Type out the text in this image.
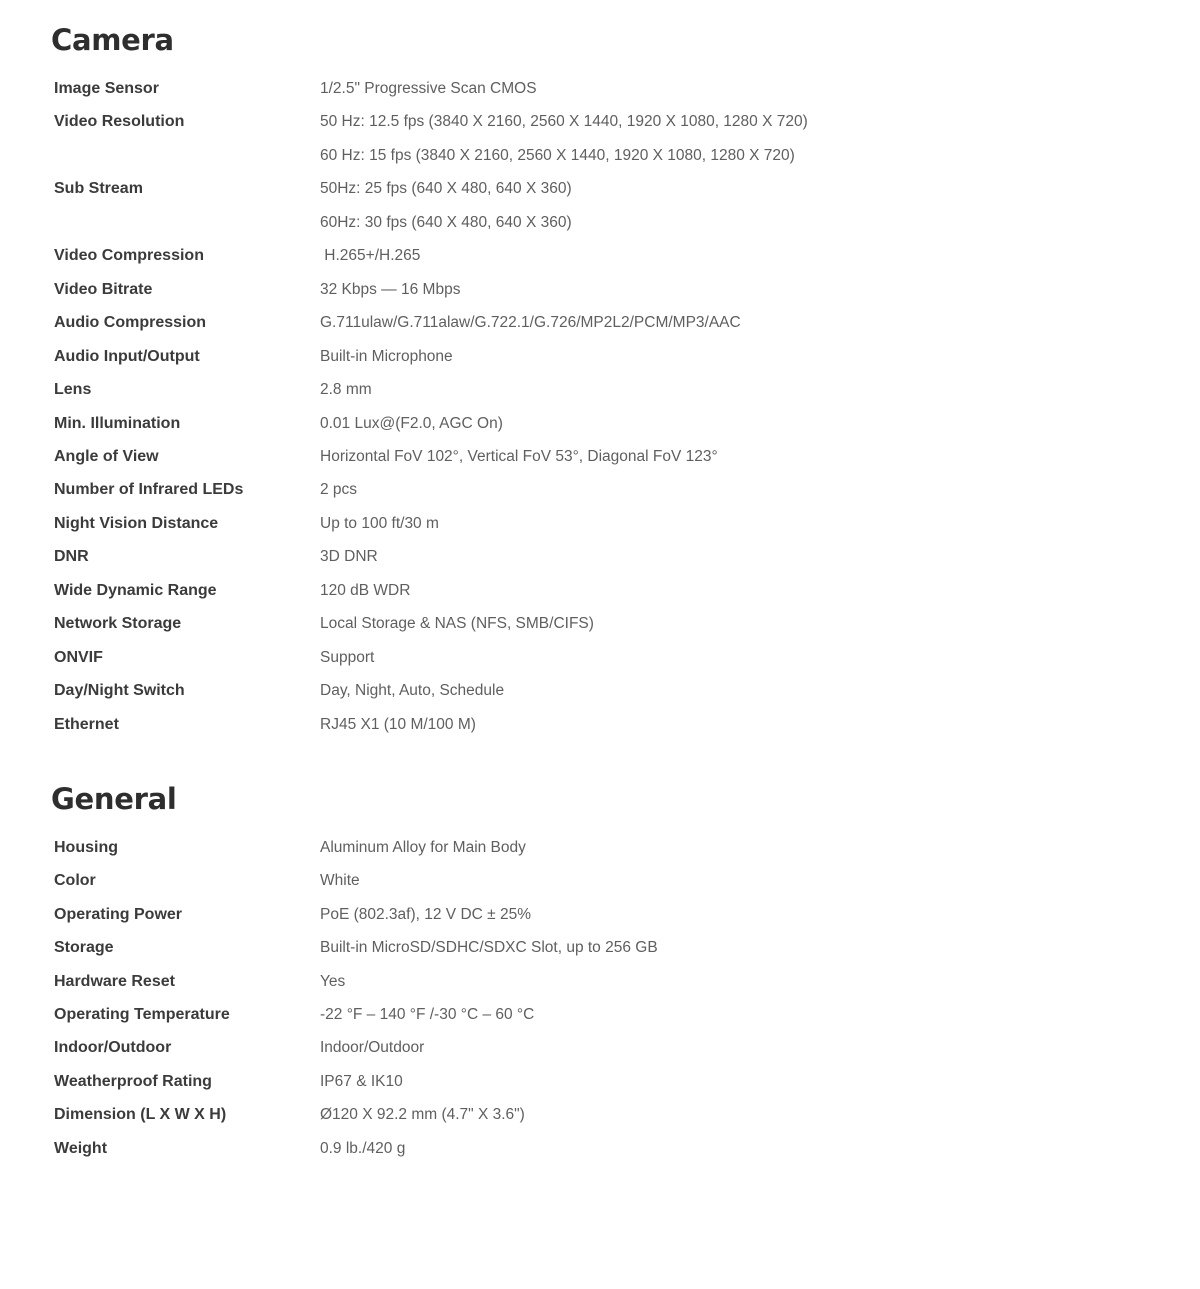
Camera
General
Image Sensor	1/2.5" Progressive Scan CMOS
Video Resolution	50 Hz: 12.5 fps (3840 X 2160, 2560 X 1440, 1920 X 1080, 1280 X 720)
60 Hz: 15 fps (3840 X 2160, 2560 X 1440, 1920 X 1080, 1280 X 720)
Sub Stream	50Hz: 25 fps (640 X 480, 640 X 360)
60Hz: 30 fps (640 X 480, 640 X 360)
Video Compression	H.265+/H.265
Video Bitrate	32 Kbps — 16 Mbps
Audio Compression	G.711ulaw/G.711alaw/G.722.1/G.726/MP2L2/PCM/MP3/AAC
Audio Input/Output	Built-in Microphone
Lens	2.8 mm
Min. Illumination	0.01 Lux@(F2.0, AGC On)
Angle of View	Horizontal FoV 102°, Vertical FoV 53°, Diagonal FoV 123°
Number of Infrared LEDs	2 pcs
Night Vision Distance	Up to 100 ft/30 m
DNR	3D DNR
Wide Dynamic Range	120 dB WDR
Network Storage	Local Storage & NAS (NFS, SMB/CIFS)
ONVIF	Support
Day/Night Switch	Day, Night, Auto, Schedule
Ethernet	RJ45 X1 (10 M/100 M)
Housing	Aluminum Alloy for Main Body
Color	White
Operating Power	PoE (802.3af), 12 V DC ± 25%
Storage	Built-in MicroSD/SDHC/SDXC Slot, up to 256 GB
Hardware Reset	Yes
Operating Temperature	-22 °F – 140 °F /-30 °C – 60 °C
Indoor/Outdoor	Indoor/Outdoor
Weatherproof Rating	IP67 & IK10
Dimension (L X W X H)	Ø120 X 92.2 mm (4.7" X 3.6")
Weight	0.9 lb./420 g
